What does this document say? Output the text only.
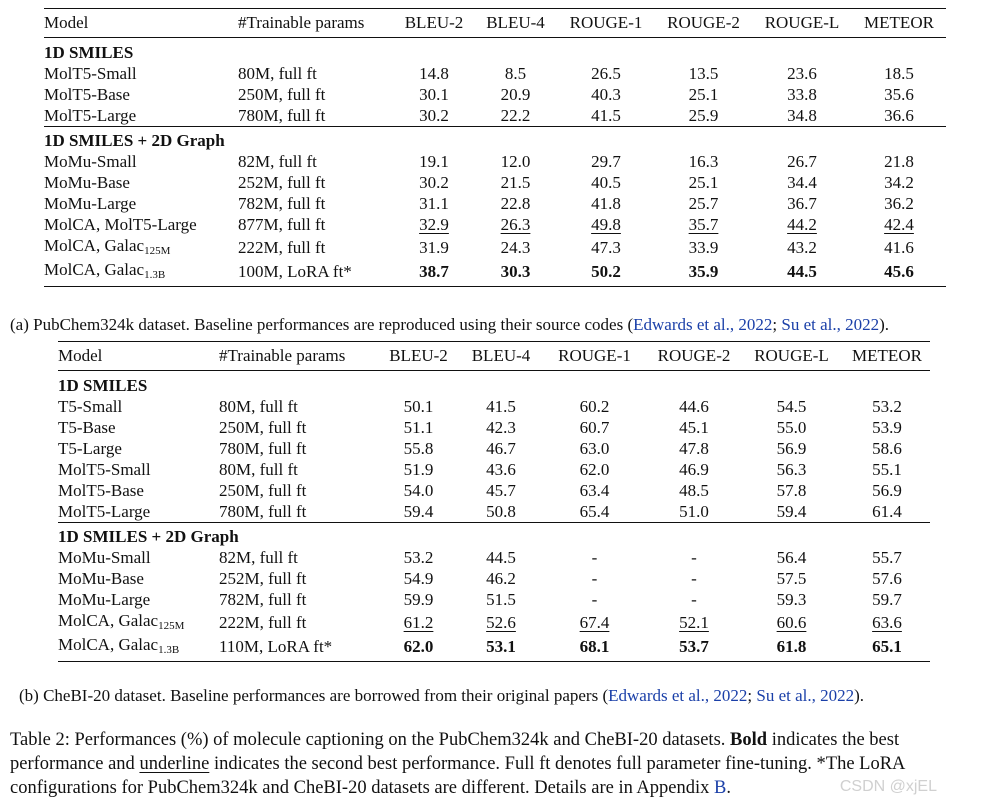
Model	#Trainable params	BLEU-2	BLEU-4	ROUGE-1	ROUGE-2	ROUGE-L	METEOR
1D SMILES							
MolT5-Small	80M, full ft	14.8	8.5	26.5	13.5	23.6	18.5
MolT5-Base	250M, full ft	30.1	20.9	40.3	25.1	33.8	35.6
MolT5-Large	780M, full ft	30.2	22.2	41.5	25.9	34.8	36.6
1D SMILES + 2D Graph							
MoMu-Small	82M, full ft	19.1	12.0	29.7	16.3	26.7	21.8
MoMu-Base	252M, full ft	30.2	21.5	40.5	25.1	34.4	34.2
MoMu-Large	782M, full ft	31.1	22.8	41.8	25.7	36.7	36.2
MolCA, MolT5-Large	877M, full ft	32.9	26.3	49.8	35.7	44.2	42.4
MolCA, Galac125M	222M, full ft	31.9	24.3	47.3	33.9	43.2	41.6
MolCA, Galac1.3B	100M, LoRA ft*	38.7	30.3	50.2	35.9	44.5	45.6
(a) PubChem324k dataset. Baseline performances are reproduced using their source codes (Edwards et al., 2022; Su et al., 2022).
Model	#Trainable params	BLEU-2	BLEU-4	ROUGE-1	ROUGE-2	ROUGE-L	METEOR
1D SMILES							
T5-Small	80M, full ft	50.1	41.5	60.2	44.6	54.5	53.2
T5-Base	250M, full ft	51.1	42.3	60.7	45.1	55.0	53.9
T5-Large	780M, full ft	55.8	46.7	63.0	47.8	56.9	58.6
MolT5-Small	80M, full ft	51.9	43.6	62.0	46.9	56.3	55.1
MolT5-Base	250M, full ft	54.0	45.7	63.4	48.5	57.8	56.9
MolT5-Large	780M, full ft	59.4	50.8	65.4	51.0	59.4	61.4
1D SMILES + 2D Graph							
MoMu-Small	82M, full ft	53.2	44.5	-	-	56.4	55.7
MoMu-Base	252M, full ft	54.9	46.2	-	-	57.5	57.6
MoMu-Large	782M, full ft	59.9	51.5	-	-	59.3	59.7
MolCA, Galac125M	222M, full ft	61.2	52.6	67.4	52.1	60.6	63.6
MolCA, Galac1.3B	110M, LoRA ft*	62.0	53.1	68.1	53.7	61.8	65.1
(b) CheBI-20 dataset. Baseline performances are borrowed from their original papers (Edwards et al., 2022; Su et al., 2022).
Table 2: Performances (%) of molecule captioning on the PubChem324k and CheBI-20 datasets. Bold indicates the best performance and underline indicates the second best performance. Full ft denotes full parameter fine-tuning. *The LoRA configurations for PubChem324k and CheBI-20 datasets are different. Details are in Appendix B.	CSDN @xjEL
